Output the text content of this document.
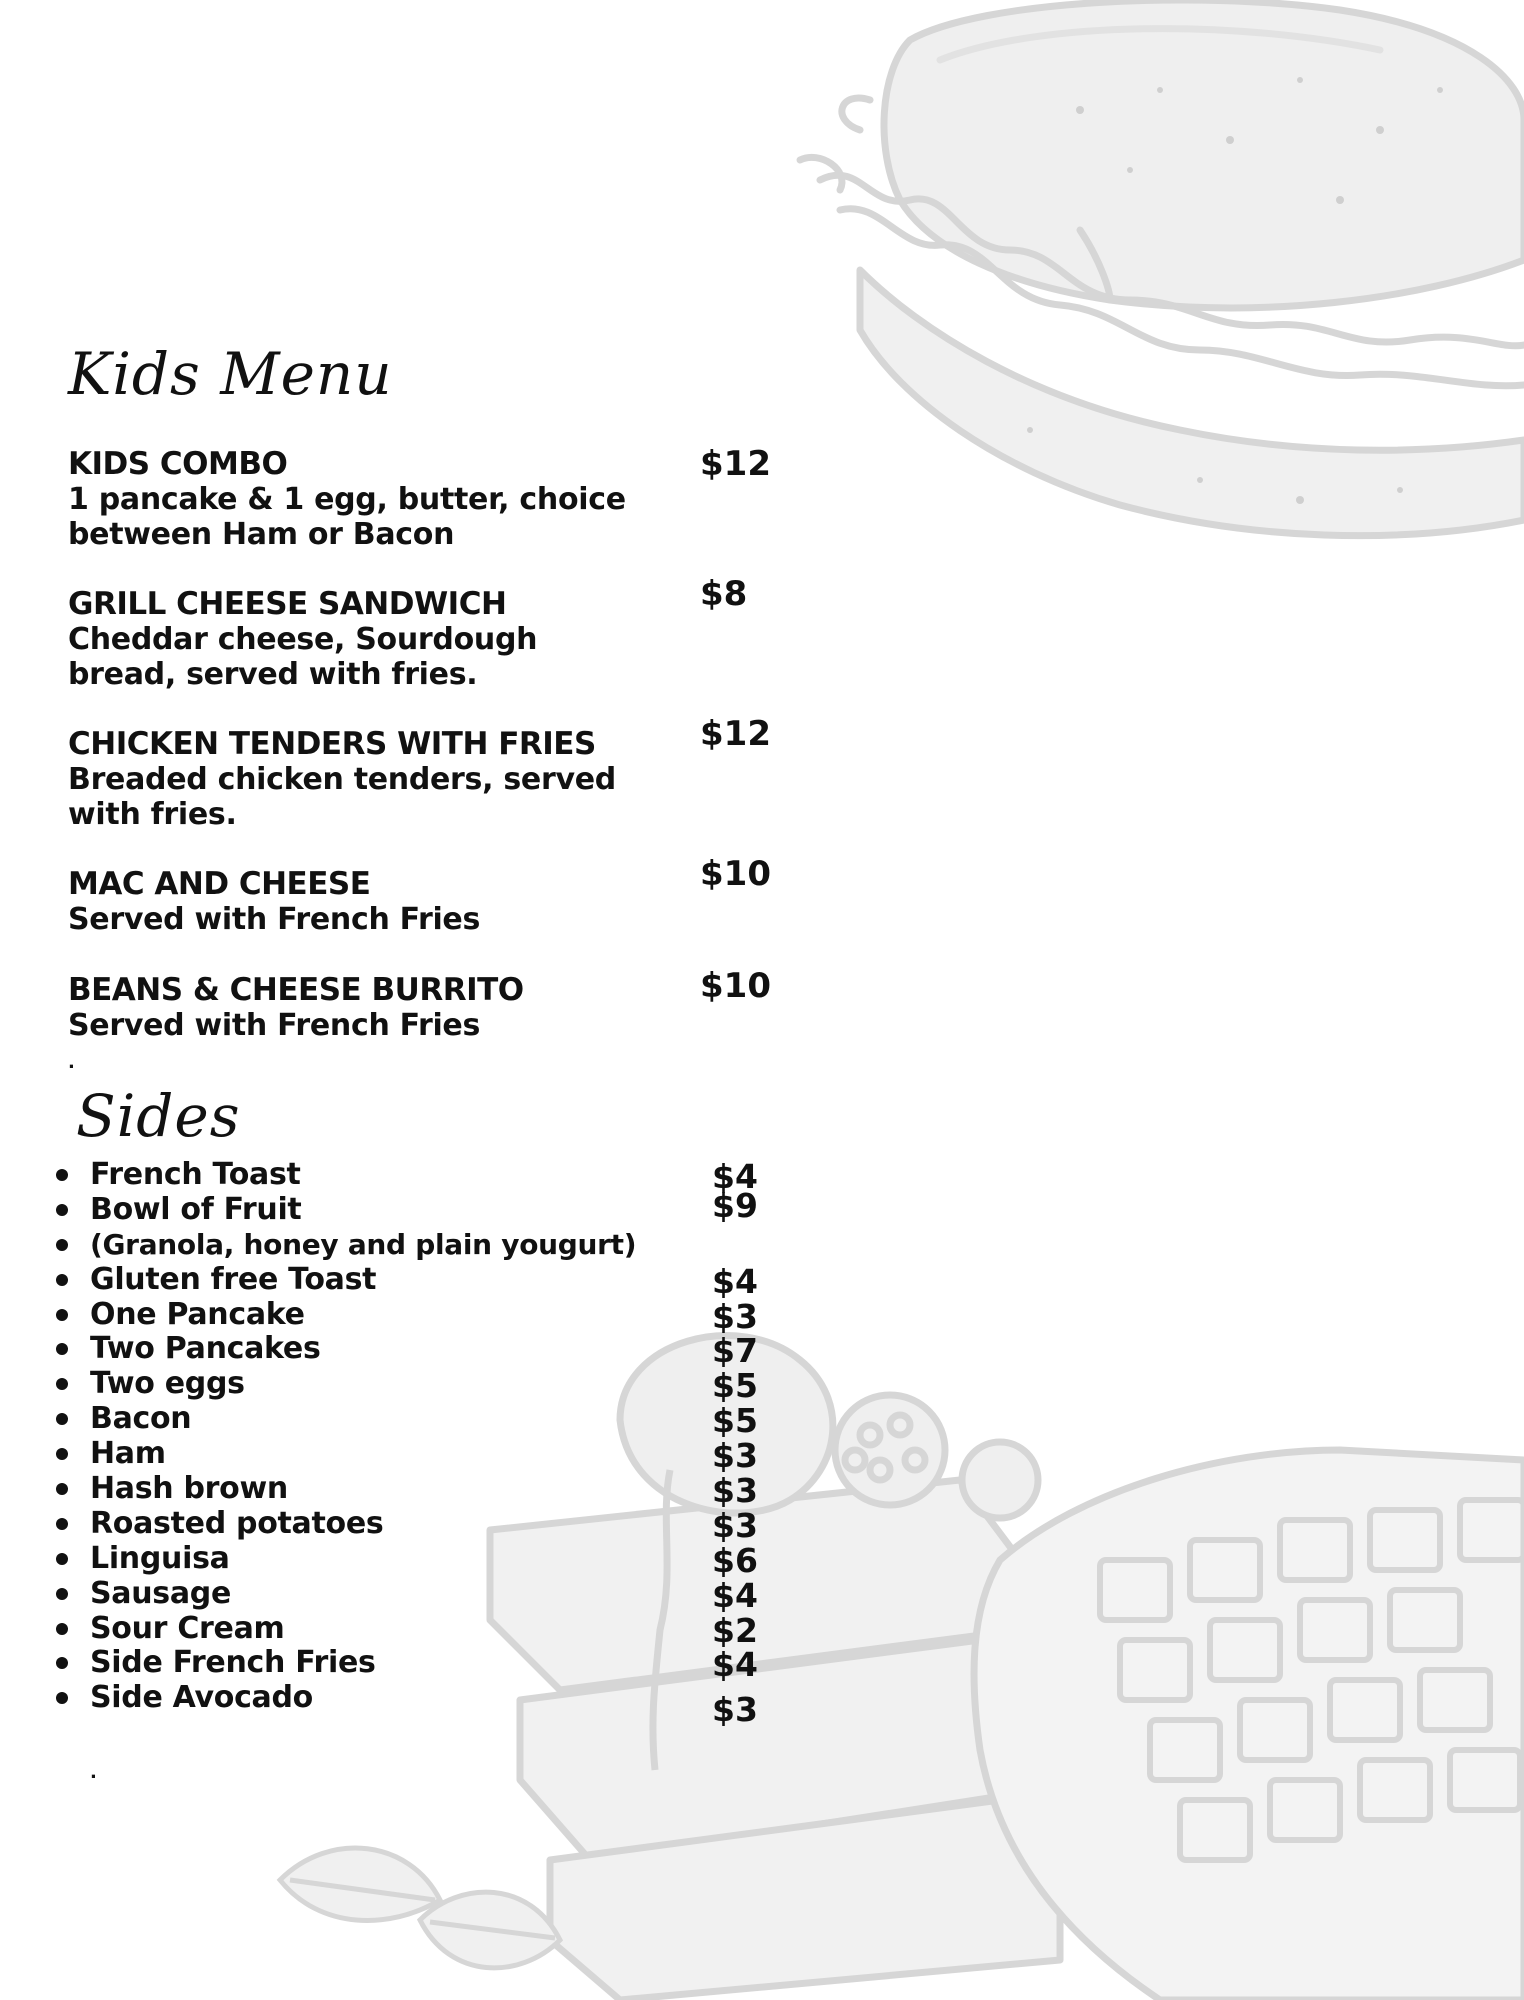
Kids Menu
KIDS COMBO
1 pancake & 1 egg, butter, choice between Ham or Bacon
$12
GRILL CHEESE SANDWICH
Cheddar cheese, Sourdough bread, served with fries.
$8
CHICKEN TENDERS WITH FRIES
Breaded chicken tenders, served with fries.
$12
MAC AND CHEESE
Served with French Fries
$10
BEANS & CHEESE BURRITO
Served with French Fries
$10
.
Sides
French Toast	$4
Bowl of Fruit	$9
(Granola, honey and plain yougurt)
Gluten free Toast	$4
One Pancake	$3
Two Pancakes	$7
Two eggs	$5
Bacon	$5
Ham	$3
Hash brown	$3
Roasted potatoes	$3
Linguisa	$6
Sausage	$4
Sour Cream	$2
Side French Fries	$4
Side Avocado	$3
.
